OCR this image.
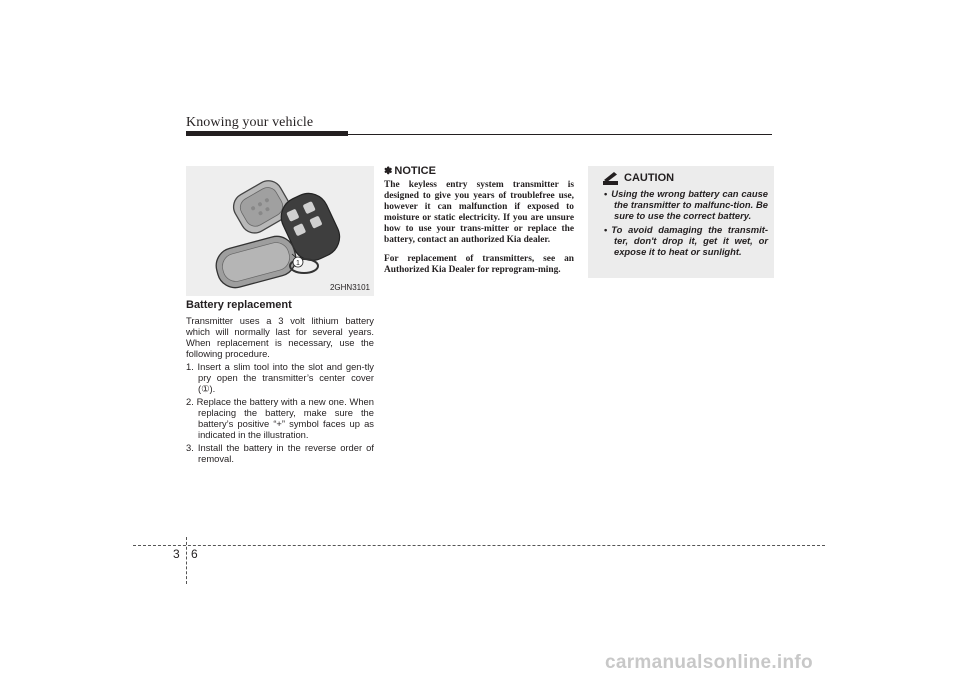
Knowing your vehicle
1
2GHN3101

Battery replacement

Transmitter uses a 3 volt lithium battery which will normally last for several years. When replacement is necessary, use the following procedure.

1. Insert a slim tool into the slot and gen-tly pry open the transmitter’s center cover (①).
2. Replace the battery with a new one. When replacing the battery, make sure the battery’s positive “+” symbol faces up as indicated in the illustration.
3. Install the battery in the reverse order of removal.

✽ NOTICE

The keyless entry system transmitter is designed to give you years of troublefree use, however it can malfunction if exposed to moisture or static electricity. If you are unsure how to use your trans-mitter or replace the battery, contact an authorized Kia dealer.

For replacement of transmitters, see an Authorized Kia Dealer for reprogram-ming.

CAUTION
• Using the wrong battery can cause the transmitter to malfunc-tion. Be sure to use the correct battery.
• To avoid damaging the transmit-ter, don't drop it, get it wet, or expose it to heat or sunlight.
3 6
carmanualsonline.info
